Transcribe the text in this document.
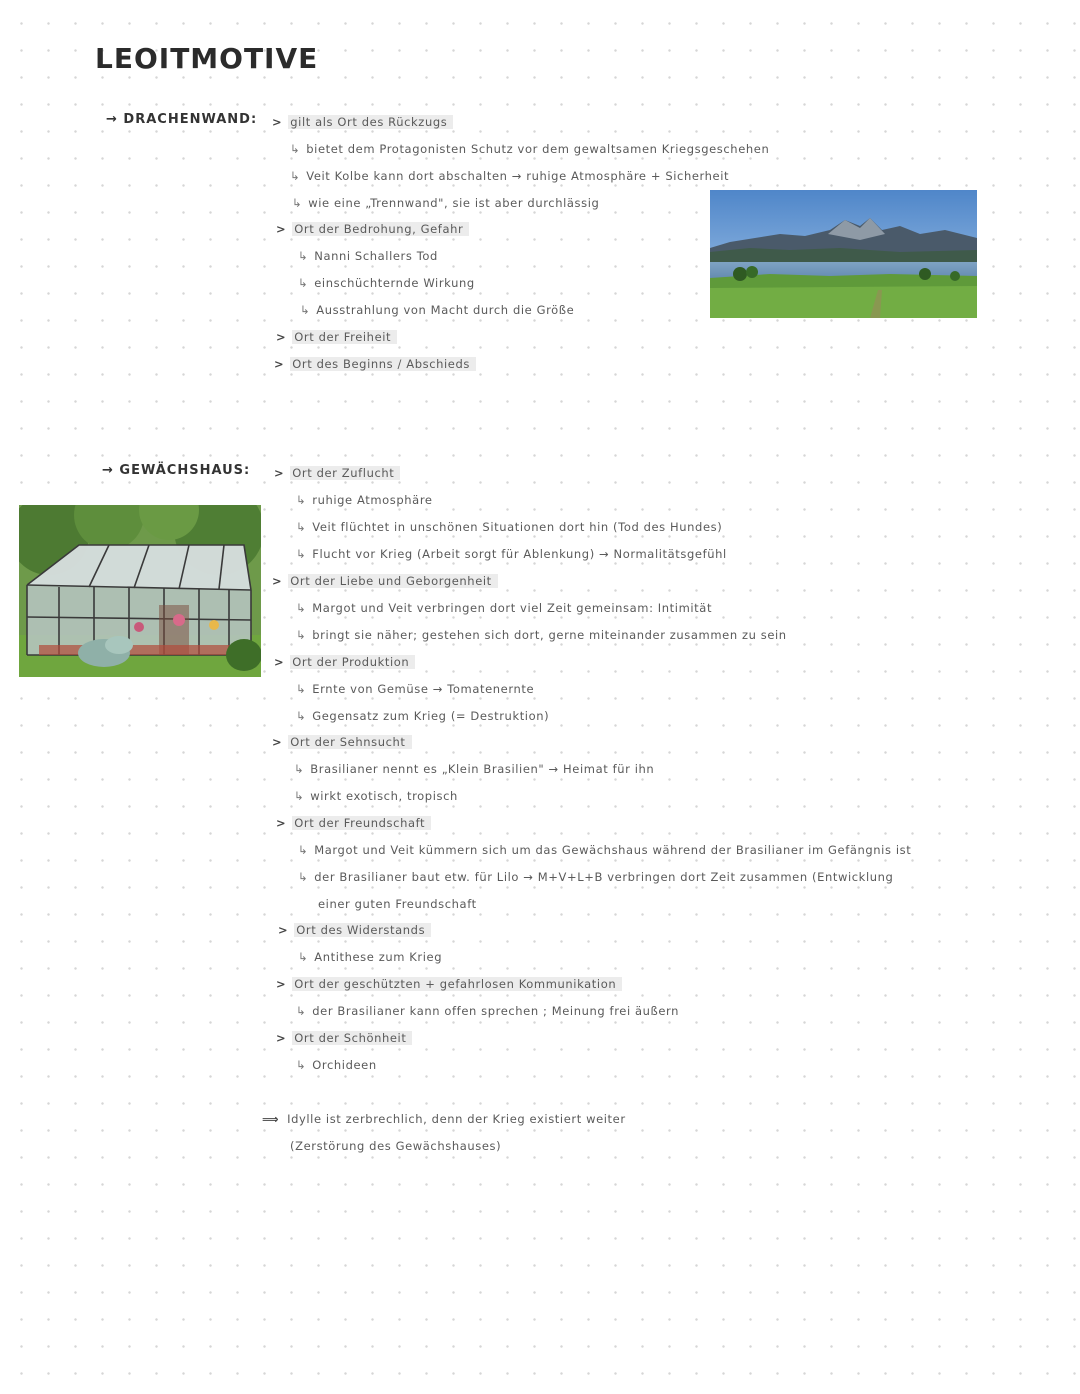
LEOITMOTIVE
→ DRACHENWAND: > gilt als Ort des Rückzugs
↳ bietet dem Protagonisten Schutz vor dem gewaltsamen Kriegsgeschehen
↳ Veit Kolbe kann dort abschalten → ruhige Atmosphäre + Sicherheit
↳ wie eine „Trennwand", sie ist aber durchlässig
> Ort der Bedrohung, Gefahr
↳ Nanni Schallers Tod
↳ einschüchternde Wirkung
↳ Ausstrahlung von Macht durch die Größe
> Ort der Freiheit
> Ort des Beginns / Abschieds
→ GEWÄCHSHAUS: > Ort der Zuflucht
↳ ruhige Atmosphäre
↳ Veit flüchtet in unschönen Situationen dort hin (Tod des Hundes)
↳ Flucht vor Krieg (Arbeit sorgt für Ablenkung) → Normalitätsgefühl
> Ort der Liebe und Geborgenheit
↳ Margot und Veit verbringen dort viel Zeit gemeinsam: Intimität
↳ bringt sie näher; gestehen sich dort, gerne miteinander zusammen zu sein
> Ort der Produktion
↳ Ernte von Gemüse → Tomatenernte
↳ Gegensatz zum Krieg (= Destruktion)
> Ort der Sehnsucht
↳ Brasilianer nennt es „Klein Brasilien" → Heimat für ihn
↳ wirkt exotisch, tropisch
> Ort der Freundschaft
↳ Margot und Veit kümmern sich um das Gewächshaus während der Brasilianer im Gefängnis ist
↳ der Brasilianer baut etw. für Lilo → M+V+L+B verbringen dort Zeit zusammen (Entwicklung
einer guten Freundschaft
> Ort des Widerstands
↳ Antithese zum Krieg
> Ort der geschützten + gefahrlosen Kommunikation
↳ der Brasilianer kann offen sprechen ; Meinung frei äußern
> Ort der Schönheit
↳ Orchideen
⟹ Idylle ist zerbrechlich, denn der Krieg existiert weiter
(Zerstörung des Gewächshauses)
